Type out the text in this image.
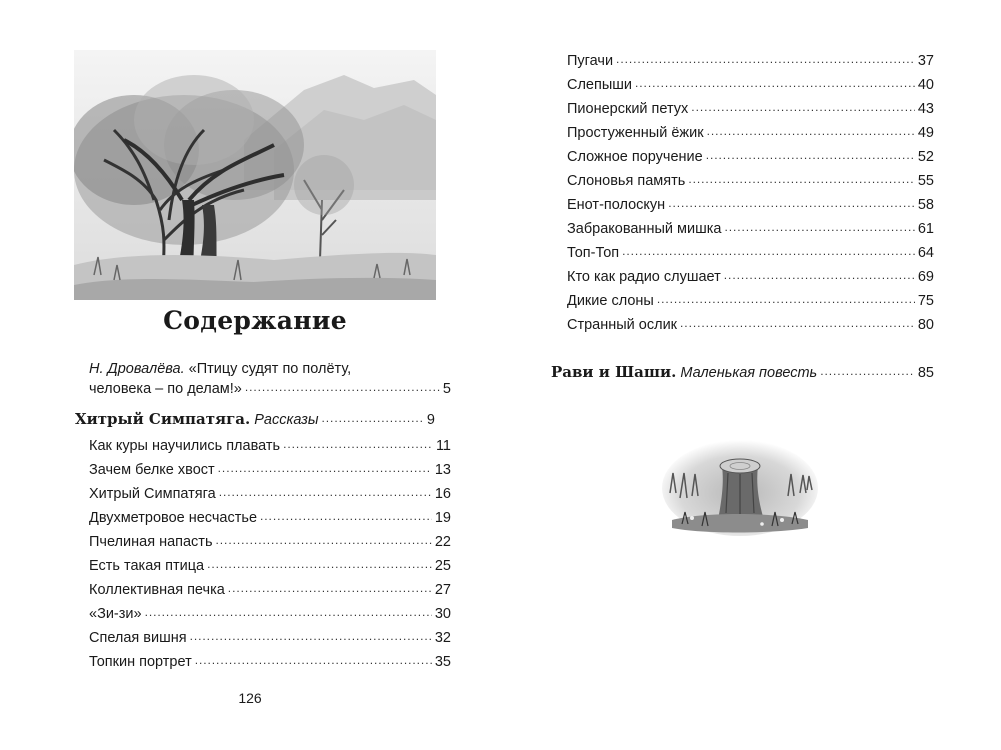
Содержание
Н. Дровалёва. «Птицу судят по полёту,
человека – по делам!» . . .	5
Хитрый Симпатяга. Рассказы . . .	9
Как куры научились плавать . . .	11
Зачем белке хвост . . .	13
Хитрый Симпатяга . . .	16
Двухметровое несчастье . . .	19
Пчелиная напасть . . .	22
Есть такая птица . . .	25
Коллективная печка . . .	27
«Зи-зи» . . .	30
Спелая вишня . . .	32
Топкин портрет . . .	35
126
Пугачи . . .	37
Слепыши . . .	40
Пионерский петух . . .	43
Простуженный ёжик . . .	49
Сложное поручение . . .	52
Слоновья память . . .	55
Енот-полоскун . . .	58
Забракованный мишка . . .	61
Топ-Топ . . .	64
Кто как радио слушает . . .	69
Дикие слоны . . .	75
Странный ослик . . .	80
Рави и Шаши. Маленькая повесть . . .	85
